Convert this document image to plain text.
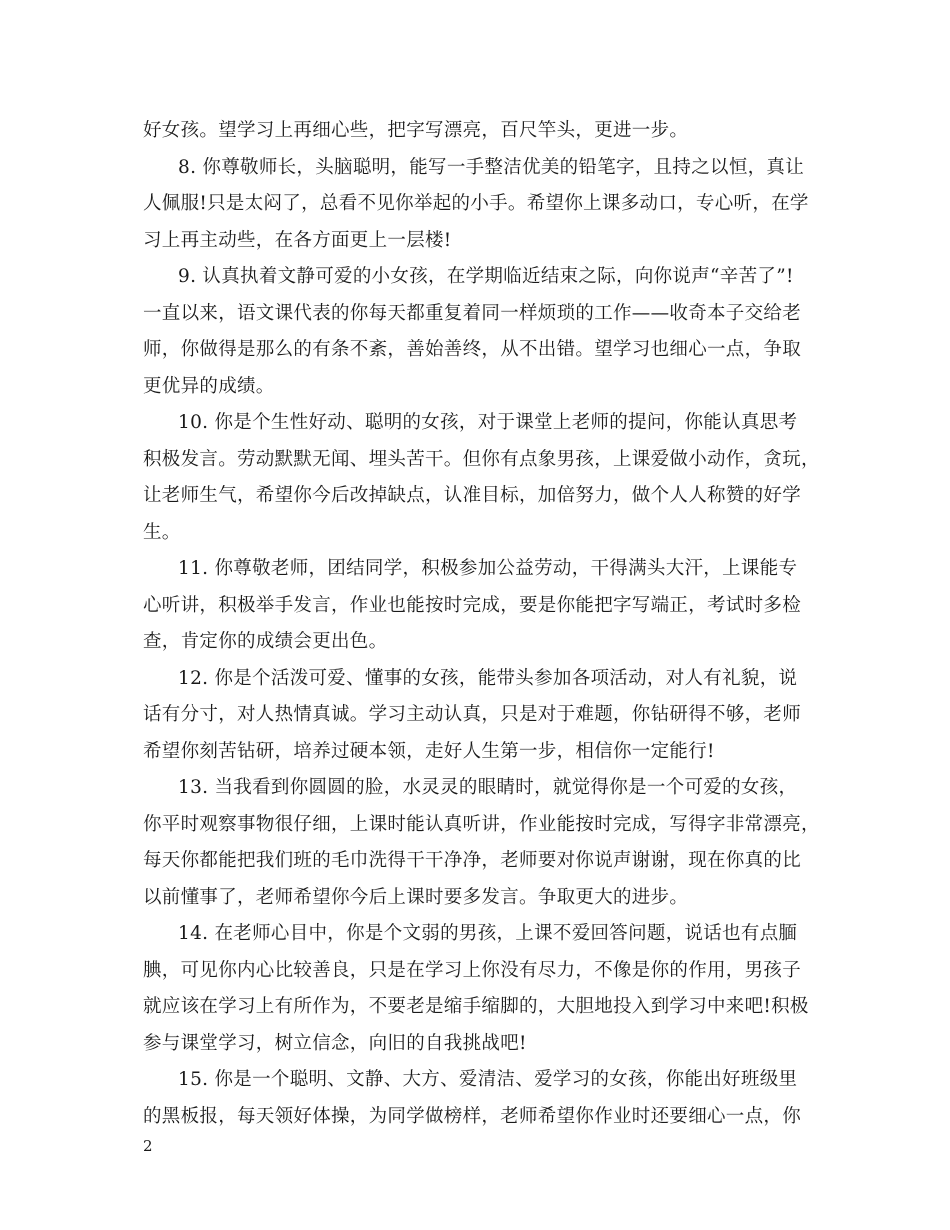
好女孩。望学习上再细心些，把字写漂亮，百尺竿头，更进一步。
8. 你尊敬师长，头脑聪明，能写一手整洁优美的铅笔字，且持之以恒，真让
人佩服!只是太闷了，总看不见你举起的小手。希望你上课多动口，专心听，在学
习上再主动些，在各方面更上一层楼!
9. 认真执着文静可爱的小女孩，在学期临近结束之际，向你说声“辛苦了”!
一直以来，语文课代表的你每天都重复着同一样烦琐的工作——收奇本子交给老
师，你做得是那么的有条不紊，善始善终，从不出错。望学习也细心一点，争取
更优异的成绩。
10. 你是个生性好动、聪明的女孩，对于课堂上老师的提问，你能认真思考
积极发言。劳动默默无闻、埋头苦干。但你有点象男孩，上课爱做小动作，贪玩，
让老师生气，希望你今后改掉缺点，认准目标，加倍努力，做个人人称赞的好学
生。
11. 你尊敬老师，团结同学，积极参加公益劳动，干得满头大汗，上课能专
心听讲，积极举手发言，作业也能按时完成，要是你能把字写端正，考试时多检
查，肯定你的成绩会更出色。
12. 你是个活泼可爱、懂事的女孩，能带头参加各项活动，对人有礼貌，说
话有分寸，对人热情真诚。学习主动认真，只是对于难题，你钻研得不够，老师
希望你刻苦钻研，培养过硬本领，走好人生第一步，相信你一定能行!
13. 当我看到你圆圆的脸，水灵灵的眼睛时，就觉得你是一个可爱的女孩，
你平时观察事物很仔细，上课时能认真听讲，作业能按时完成，写得字非常漂亮，
每天你都能把我们班的毛巾洗得干干净净，老师要对你说声谢谢，现在你真的比
以前懂事了，老师希望你今后上课时要多发言。争取更大的进步。
14. 在老师心目中，你是个文弱的男孩，上课不爱回答问题，说话也有点腼
腆，可见你内心比较善良，只是在学习上你没有尽力，不像是你的作用，男孩子
就应该在学习上有所作为，不要老是缩手缩脚的，大胆地投入到学习中来吧!积极
参与课堂学习，树立信念，向旧的自我挑战吧!
15. 你是一个聪明、文静、大方、爱清洁、爱学习的女孩，你能出好班级里
的黑板报，每天领好体操，为同学做榜样，老师希望你作业时还要细心一点，你
2
